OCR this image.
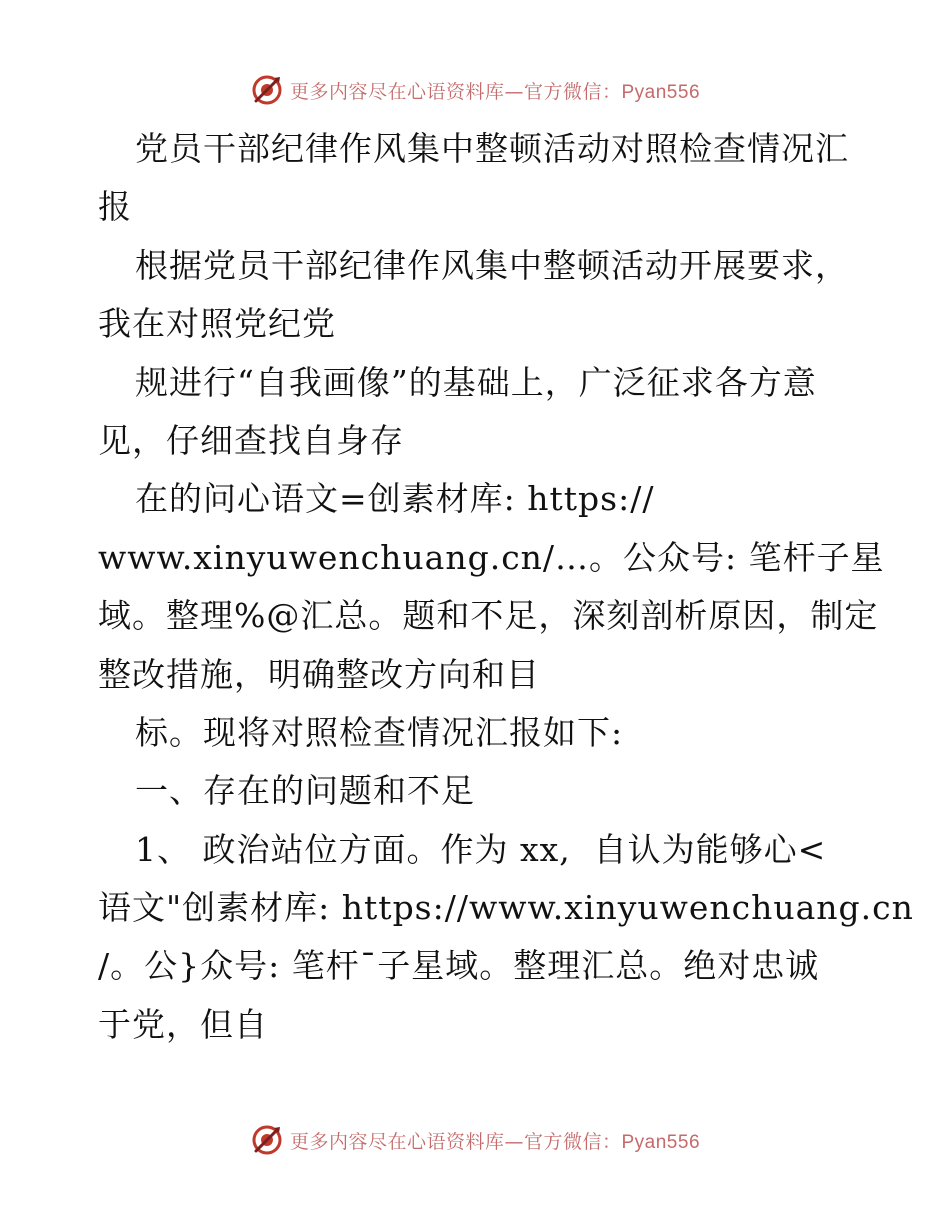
更多内容尽在心语资料库—官方微信：Pyan556
党员干部纪律作风集中整顿活动对照检查情况汇
报
根据党员干部纪律作风集中整顿活动开展要求，
我在对照党纪党
规进行“自我画像”的基础上，广泛征求各方意
见，仔细查找自身存
在的问心语文=创素材库: https://
www.xinyuwenchuang.cn/…。公众号: 笔杆子星
域。整理%@汇总。题和不足，深刻剖析原因，制定
整改措施，明确整改方向和目
标。现将对照检查情况汇报如下:
一、存在的问题和不足
1、 政治站位方面。作为 xx,  自认为能够心<
语文"创素材库: https://www.xinyuwenchuang.cn
/。公}众号: 笔杆¯子星域。整理汇总。绝对忠诚
于党，但自
更多内容尽在心语资料库—官方微信：Pyan556
